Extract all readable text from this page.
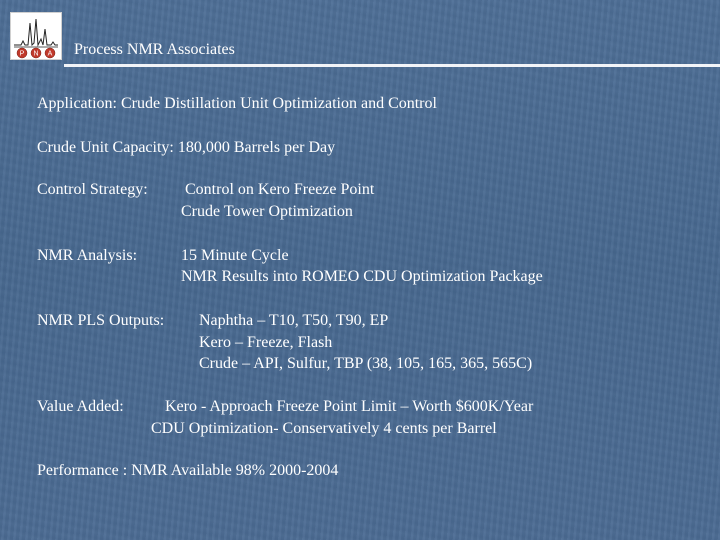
P N A Process NMR Associates
Application: Crude Distillation Unit Optimization and Control
Crude Unit Capacity: 180,000 Barrels per Day
Control Strategy: Control on Kero Freeze Point
Crude Tower Optimization
NMR Analysis:	15 Minute Cycle
NMR Results into ROMEO CDU Optimization Package
NMR PLS Outputs: Naphtha – T10, T50, T90, EP
Kero – Freeze, Flash
Crude – API, Sulfur, TBP (38, 105, 165, 365, 565C)
Value Added:	Kero - Approach Freeze Point Limit – Worth $600K/Year
CDU Optimization- Conservatively 4 cents per Barrel
Performance : NMR Available 98% 2000-2004
